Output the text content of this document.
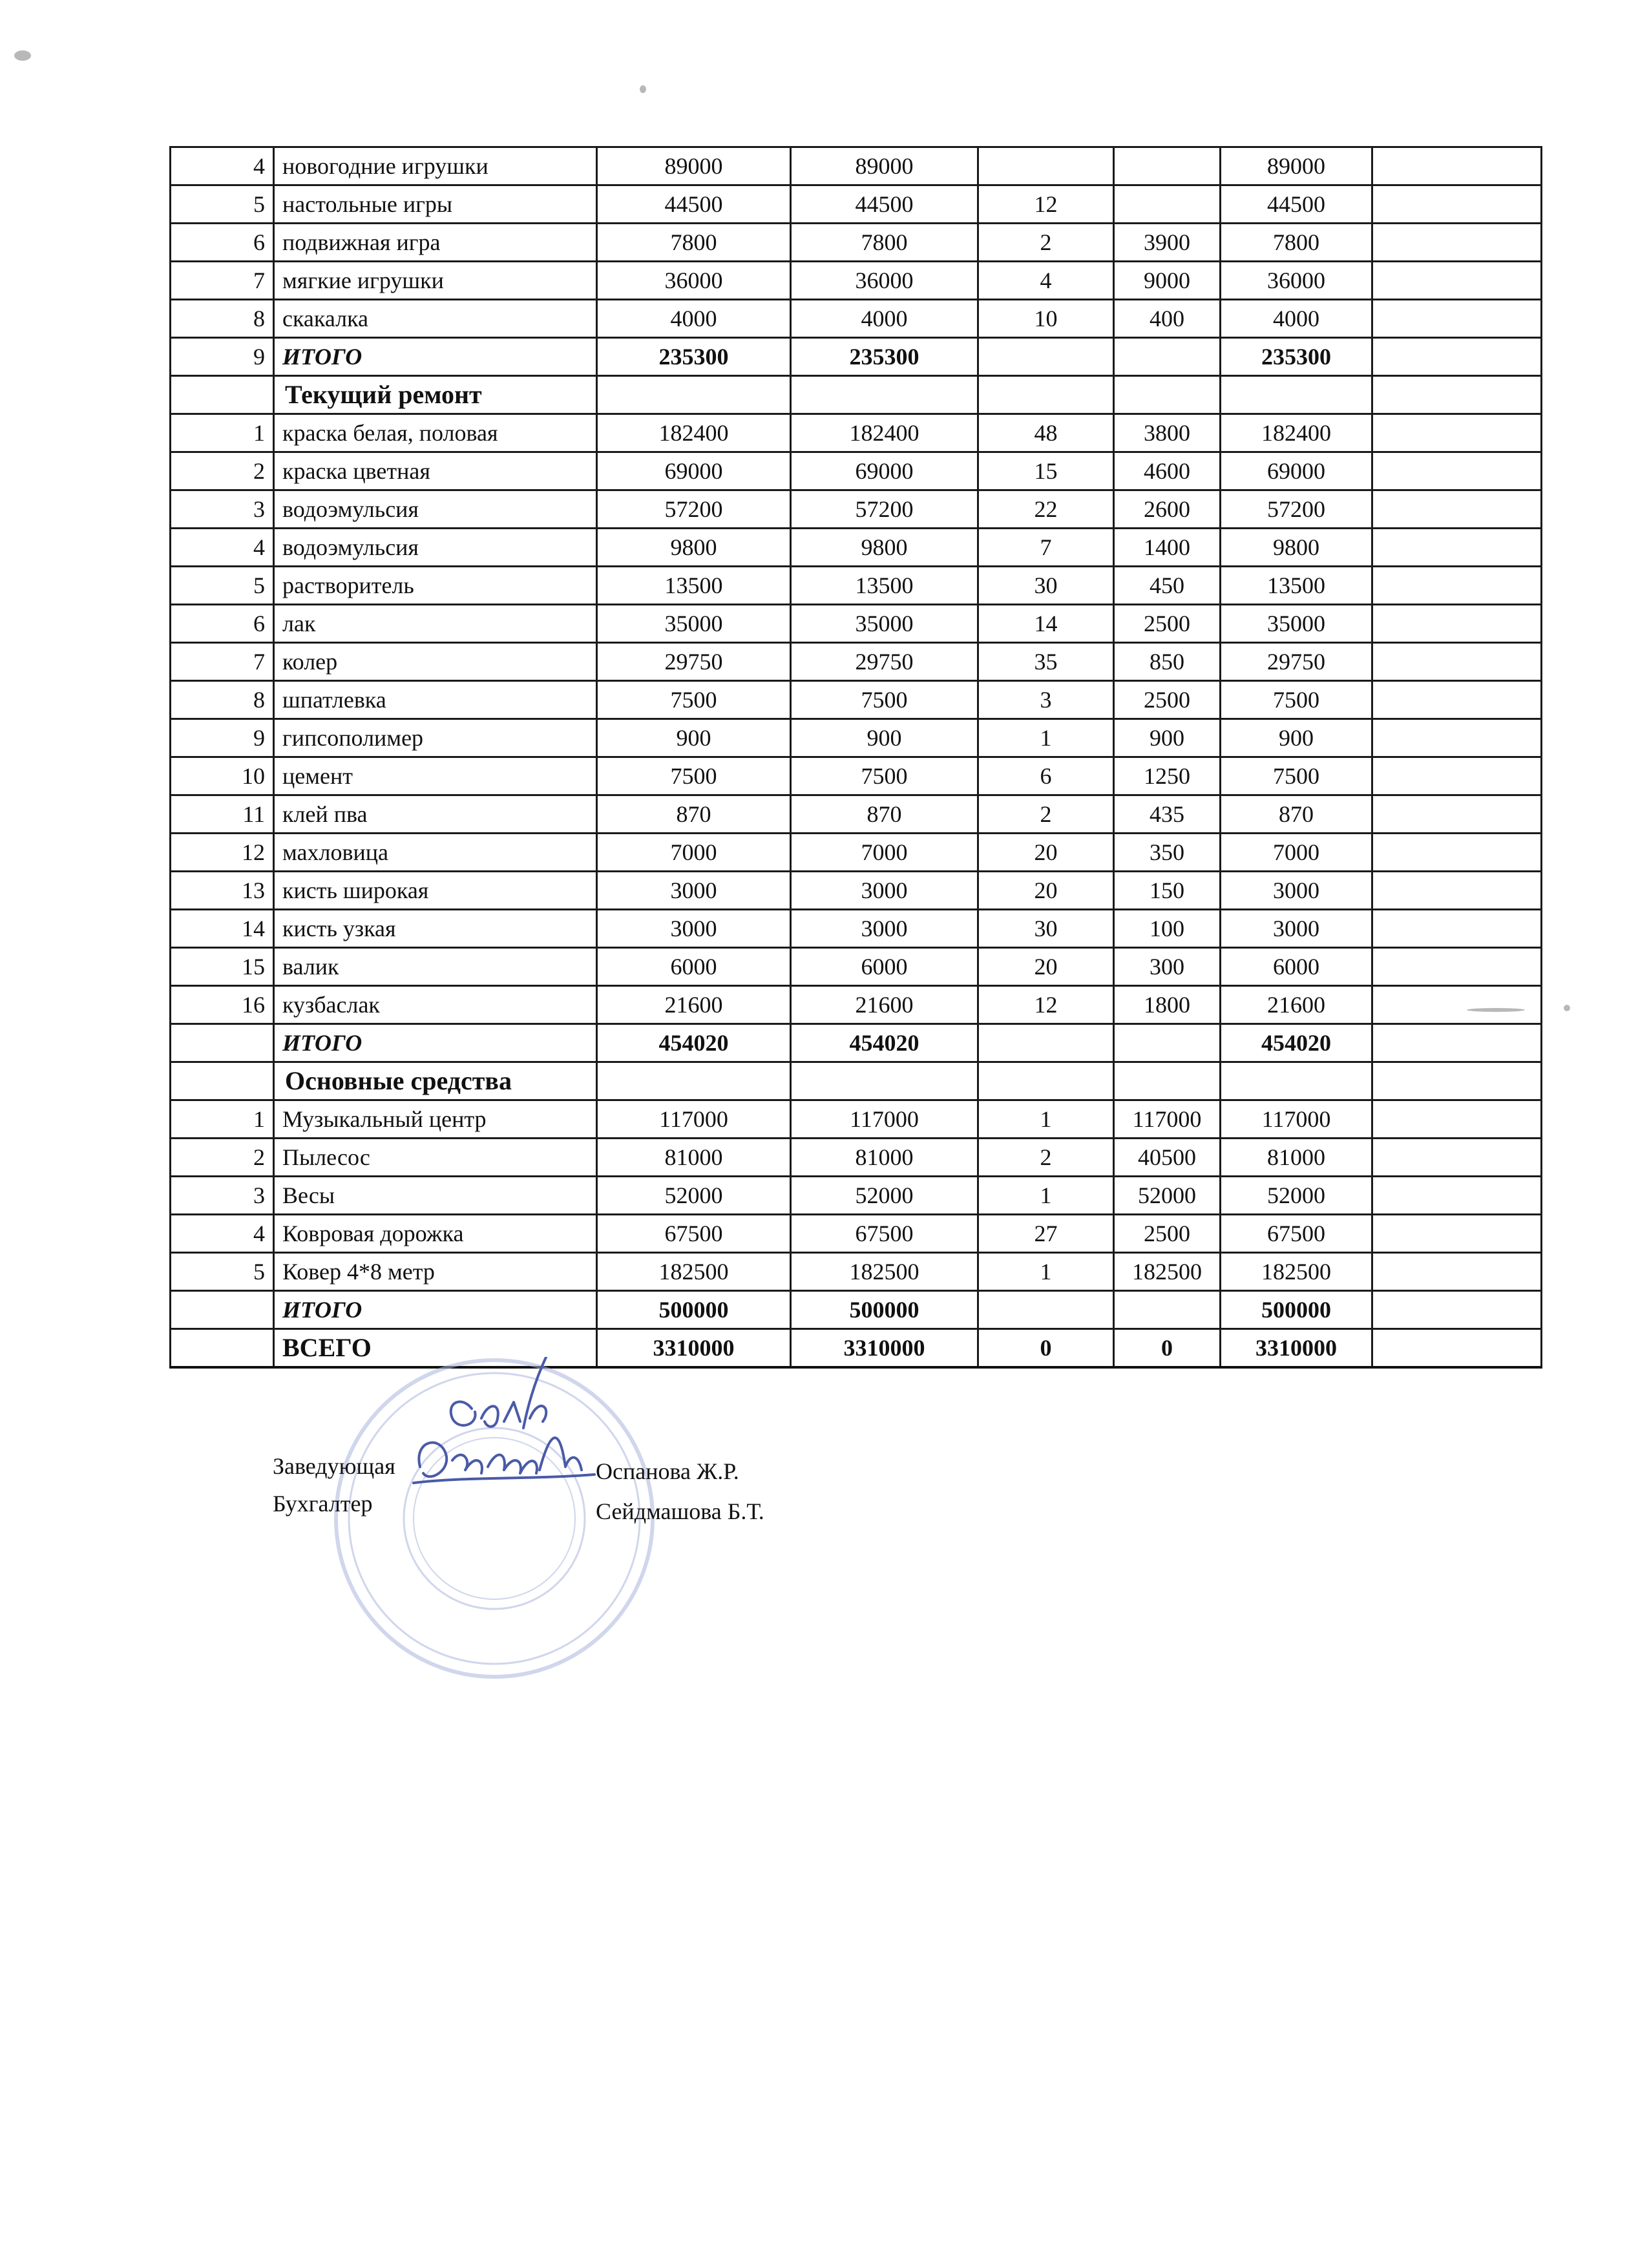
4	новогодние игрушки	89000	89000			89000	
5	настольные игры	44500	44500	12		44500	
6	подвижная игра	7800	7800	2	3900	7800	
7	мягкие игрушки	36000	36000	4	9000	36000	
8	скакалка	4000	4000	10	400	4000	
9	ИТОГО	235300	235300			235300	
	Текущий ремонт						
1	краска белая, половая	182400	182400	48	3800	182400	
2	краска цветная	69000	69000	15	4600	69000	
3	водоэмульсия	57200	57200	22	2600	57200	
4	водоэмульсия	9800	9800	7	1400	9800	
5	растворитель	13500	13500	30	450	13500	
6	лак	35000	35000	14	2500	35000	
7	колер	29750	29750	35	850	29750	
8	шпатлевка	7500	7500	3	2500	7500	
9	гипсополимер	900	900	1	900	900	
10	цемент	7500	7500	6	1250	7500	
11	клей пва	870	870	2	435	870	
12	махловица	7000	7000	20	350	7000	
13	кисть широкая	3000	3000	20	150	3000	
14	кисть узкая	3000	3000	30	100	3000	
15	валик	6000	6000	20	300	6000	
16	кузбаслак	21600	21600	12	1800	21600	
	ИТОГО	454020	454020			454020	
	Основные средства						
1	Музыкальный центр	117000	117000	1	117000	117000	
2	Пылесос	81000	81000	2	40500	81000	
3	Весы	52000	52000	1	52000	52000	
4	Ковровая дорожка	67500	67500	27	2500	67500	
5	Ковер 4*8 метр	182500	182500	1	182500	182500	
	ИТОГО	500000	500000			500000	
	ВСЕГО	3310000	3310000	0	0	3310000	
Заведующая	Оспанова Ж.Р.
Бухгалтер	Сейдмашова Б.Т.
